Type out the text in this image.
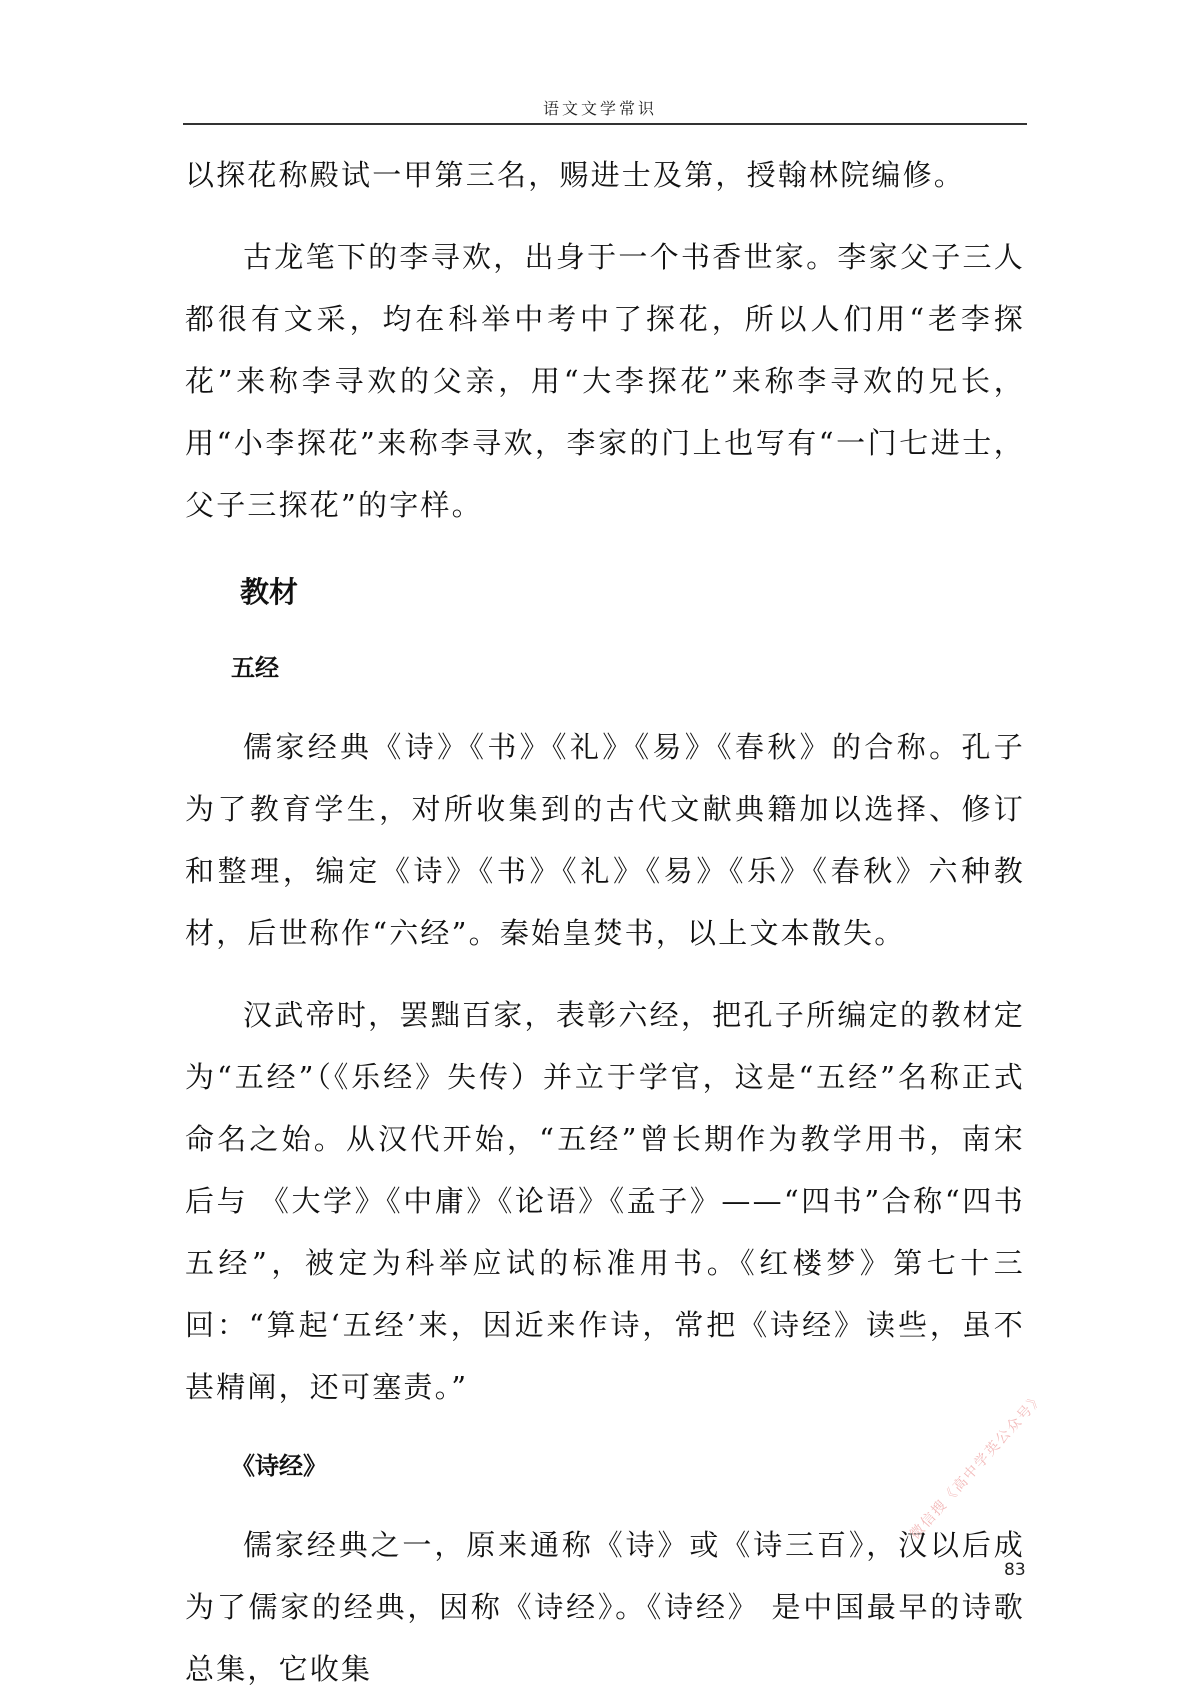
语文文学常识

以探花称殿试一甲第三名，赐进士及第，授翰林院编修。

古龙笔下的李寻欢，出身于一个书香世家。李家父子三人都很有文采，均在科举中考中了探花，所以人们用“老李探花”来称李寻欢的父亲，用“大李探花”来称李寻欢的兄长，用“小李探花”来称李寻欢，李家的门上也写有“一门七进士，父子三探花”的字样。

教材
五经

儒家经典《诗》《书》《礼》《易》《春秋》的合称。孔子为了教育学生，对所收集到的古代文献典籍加以选择、修订和整理，编定《诗》《书》《礼》《易》《乐》《春秋》六种教材，后世称作“六经”。秦始皇焚书，以上文本散失。

汉武帝时，罢黜百家，表彰六经，把孔子所编定的教材定为“五经”（《乐经》失传）并立于学官，这是“五经”名称正式命名之始。从汉代开始，“五经”曾长期作为教学用书，南宋后与 《大学》《中庸》《论语》《孟子》——“四书”合称“四书五经”，被定为科举应试的标准用书。《红楼梦》第七十三回：“算起‘五经’来，因近来作诗，常把《诗经》读些，虽不甚精阐，还可塞责。”

《诗经》

儒家经典之一，原来通称《诗》或《诗三百》，汉以后成为了儒家的经典，因称《诗经》。《诗经》 是中国最早的诗歌总集，它收集

83
微信搜《高中学英公众号》
